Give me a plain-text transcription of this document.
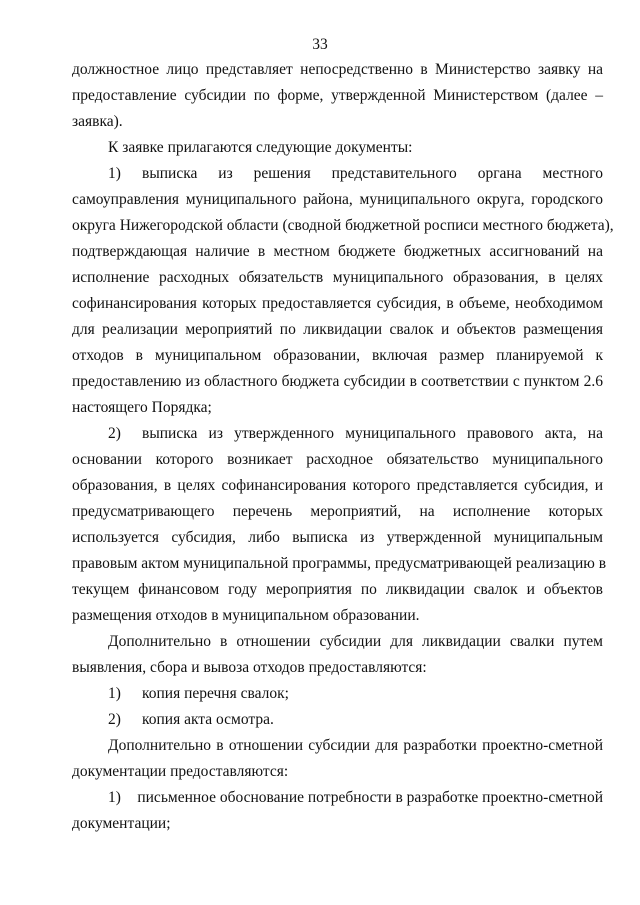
33
должностное лицо представляет непосредственно в Министерство заявку на
предоставление субсидии по форме, утвержденной Министерством (далее –
заявка).
К заявке прилагаются следующие документы:
1)	выписка из решения представительного органа местного
самоуправления муниципального района, муниципального округа, городского
округа Нижегородской области (сводной бюджетной росписи местного бюджета),
подтверждающая наличие в местном бюджете бюджетных ассигнований на
исполнение расходных обязательств муниципального образования, в целях
софинансирования которых предоставляется субсидия, в объеме, необходимом
для реализации мероприятий по ликвидации свалок и объектов размещения
отходов в муниципальном образовании, включая размер планируемой к
предоставлению из областного бюджета субсидии в соответствии с пунктом 2.6
настоящего Порядка;
2)	выписка из утвержденного муниципального правового акта, на
основании которого возникает расходное обязательство муниципального
образования, в целях софинансирования которого представляется субсидия, и
предусматривающего перечень мероприятий, на исполнение которых
используется субсидия, либо выписка из утвержденной муниципальным
правовым актом муниципальной программы, предусматривающей реализацию в
текущем финансовом году мероприятия по ликвидации свалок и объектов
размещения отходов в муниципальном образовании.
Дополнительно в отношении субсидии для ликвидации свалки путем
выявления, сбора и вывоза отходов предоставляются:
1)	копия перечня свалок;
2)	копия акта осмотра.
Дополнительно в отношении субсидии для разработки проектно-сметной
документации предоставляются:
1)	письменное обоснование потребности в разработке проектно-сметной
документации;
